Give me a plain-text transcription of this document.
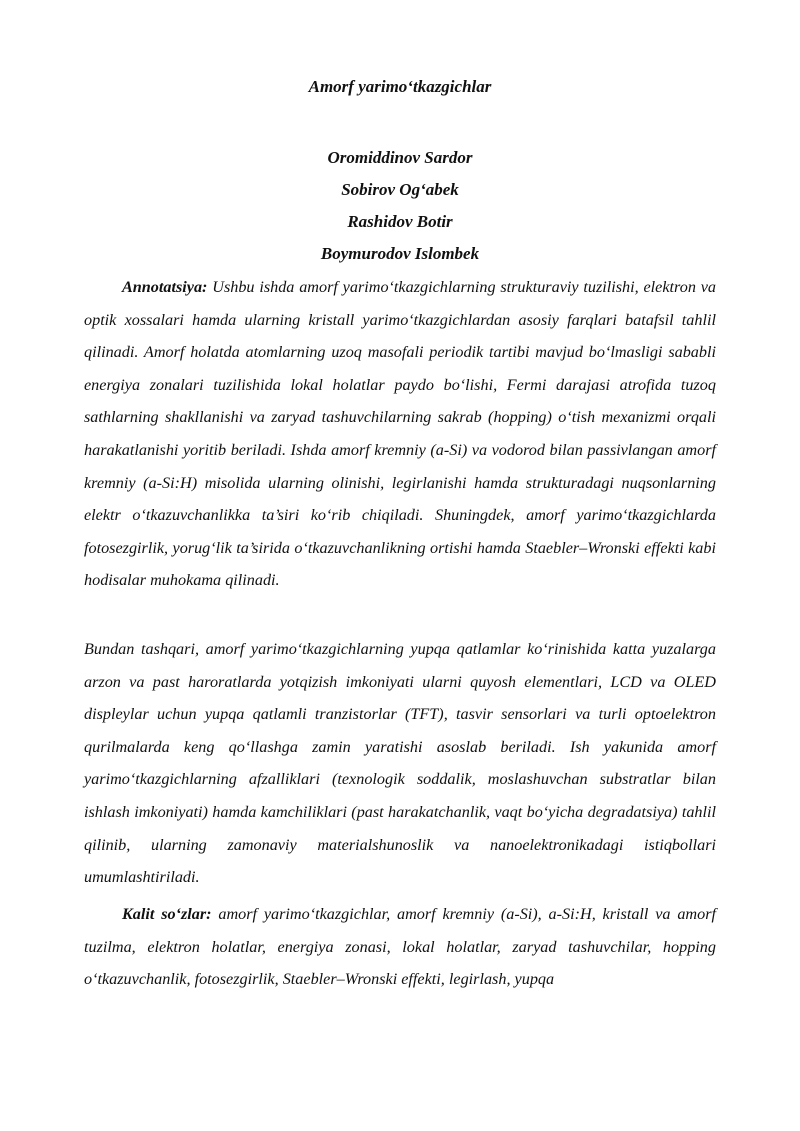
Amorf yarimo‘tkazgichlar
Oromiddinov Sardor
Sobirov Og‘abek
Rashidov Botir
Boymurodov Islombek

Annotatsiya: Ushbu ishda amorf yarimo‘tkazgichlarning strukturaviy tuzilishi, elektron va optik xossalari hamda ularning kristall yarimo‘tkazgichlardan asosiy farqlari batafsil tahlil qilinadi. Amorf holatda atomlarning uzoq masofali periodik tartibi mavjud bo‘lmasligi sababli energiya zonalari tuzilishida lokal holatlar paydo bo‘lishi, Fermi darajasi atrofida tuzoq sathlarning shakllanishi va zaryad tashuvchilarning sakrab (hopping) o‘tish mexanizmi orqali harakatlanishi yoritib beriladi. Ishda amorf kremniy (a-Si) va vodorod bilan passivlangan amorf kremniy (a-Si:H) misolida ularning olinishi, legirlanishi hamda strukturadagi nuqsonlarning elektr o‘tkazuvchanlikka ta’siri ko‘rib chiqiladi. Shuningdek, amorf yarimo‘tkazgichlarda fotosezgirlik, yorug‘lik ta’sirida o‘tkazuvchanlikning ortishi hamda Staebler–Wronski effekti kabi hodisalar muhokama qilinadi.

Bundan tashqari, amorf yarimo‘tkazgichlarning yupqa qatlamlar ko‘rinishida katta yuzalarga arzon va past haroratlarda yotqizish imkoniyati ularni quyosh elementlari, LCD va OLED displeylar uchun yupqa qatlamli tranzistorlar (TFT), tasvir sensorlari va turli optoelektron qurilmalarda keng qo‘llashga zamin yaratishi asoslab beriladi. Ish yakunida amorf yarimo‘tkazgichlarning afzalliklari (texnologik soddalik, moslashuvchan substratlar bilan ishlash imkoniyati) hamda kamchiliklari (past harakatchanlik, vaqt bo‘yicha degradatsiya) tahlil qilinib, ularning zamonaviy materialshunoslik va nanoelektronikadagi istiqbollari umumlashtiriladi.

Kalit so‘zlar: amorf yarimo‘tkazgichlar, amorf kremniy (a-Si), a-Si:H, kristall va amorf tuzilma, elektron holatlar, energiya zonasi, lokal holatlar, zaryad tashuvchilar, hopping o‘tkazuvchanlik, fotosezgirlik, Staebler–Wronski effekti, legirlash, yupqa
